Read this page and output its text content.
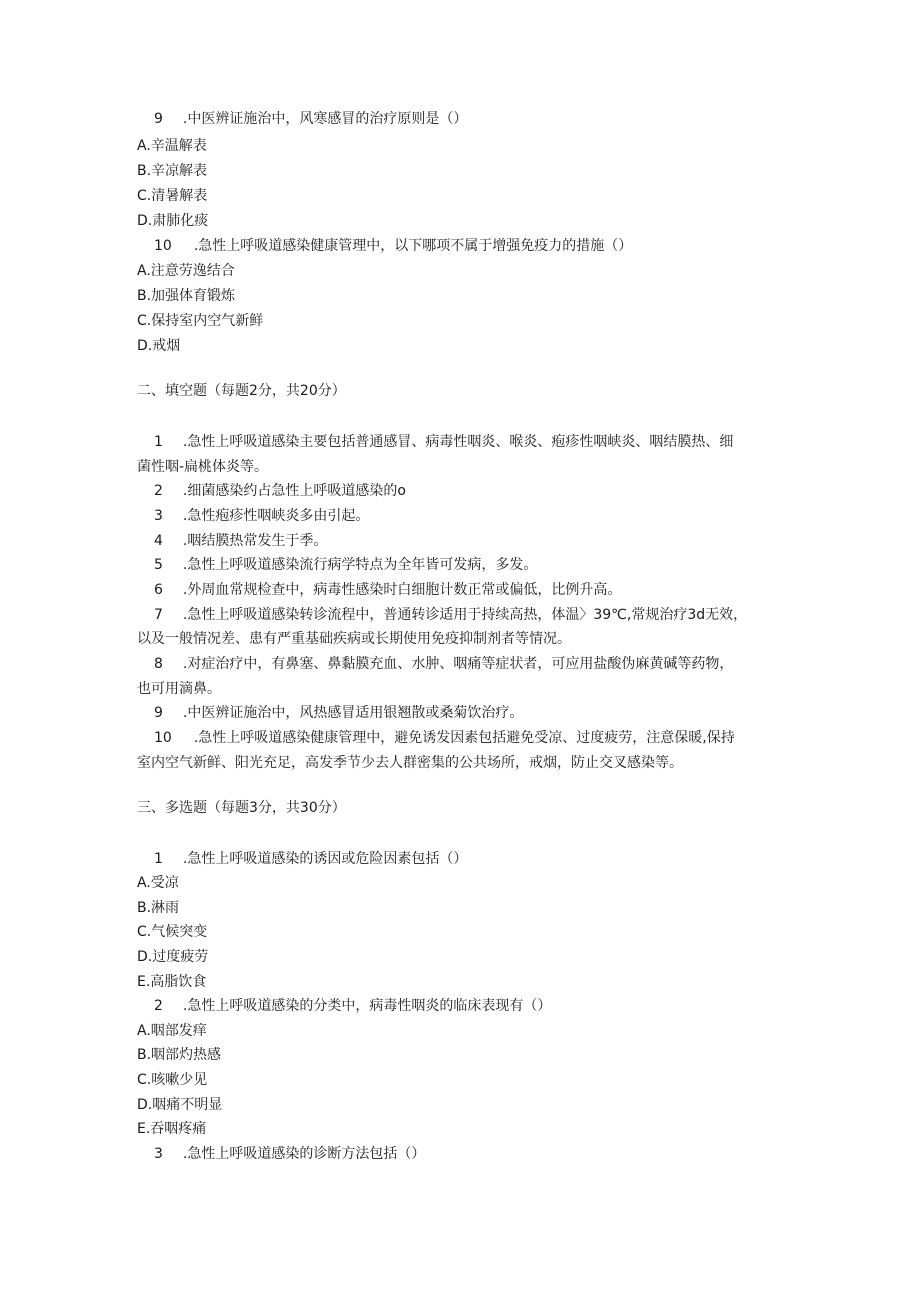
9 .中医辨证施治中，风寒感冒的治疗原则是（）
A.辛温解表
B.辛凉解表
C.清暑解表
D.肃肺化痰
10 .急性上呼吸道感染健康管理中，以下哪项不属于增强免疫力的措施（）
A.注意劳逸结合
B.加强体育锻炼
C.保持室内空气新鲜
D.戒烟
二、填空题（每题2分，共20分）
1 .急性上呼吸道感染主要包括普通感冒、病毒性咽炎、喉炎、疱疹性咽峡炎、咽结膜热、细
菌性咽-扁桃体炎等。
2 .细菌感染约占急性上呼吸道感染的o
3 .急性疱疹性咽峡炎多由引起。
4 .咽结膜热常发生于季。
5 .急性上呼吸道感染流行病学特点为全年皆可发病，多发。
6 .外周血常规检查中，病毒性感染时白细胞计数正常或偏低，比例升高。
7 .急性上呼吸道感染转诊流程中，普通转诊适用于持续高热，体温〉39℃,常规治疗3d无效，
以及一般情况差、患有严重基础疾病或长期使用免疫抑制剂者等情况。
8 .对症治疗中，有鼻塞、鼻黏膜充血、水肿、咽痛等症状者，可应用盐酸伪麻黄碱等药物，
也可用滴鼻。
9 .中医辨证施治中，风热感冒适用银翘散或桑菊饮治疗。
10 .急性上呼吸道感染健康管理中，避免诱发因素包括避免受凉、过度疲劳，注意保暖,保持
室内空气新鲜、阳光充足，高发季节少去人群密集的公共场所，戒烟，防止交叉感染等。
三、多选题（每题3分，共30分）
1 .急性上呼吸道感染的诱因或危险因素包括（）
A.受凉
B.淋雨
C.气候突变
D.过度疲劳
E.高脂饮食
2 .急性上呼吸道感染的分类中，病毒性咽炎的临床表现有（）
A.咽部发痒
B.咽部灼热感
C.咳嗽少见
D.咽痛不明显
E.吞咽疼痛
3 .急性上呼吸道感染的诊断方法包括（）
